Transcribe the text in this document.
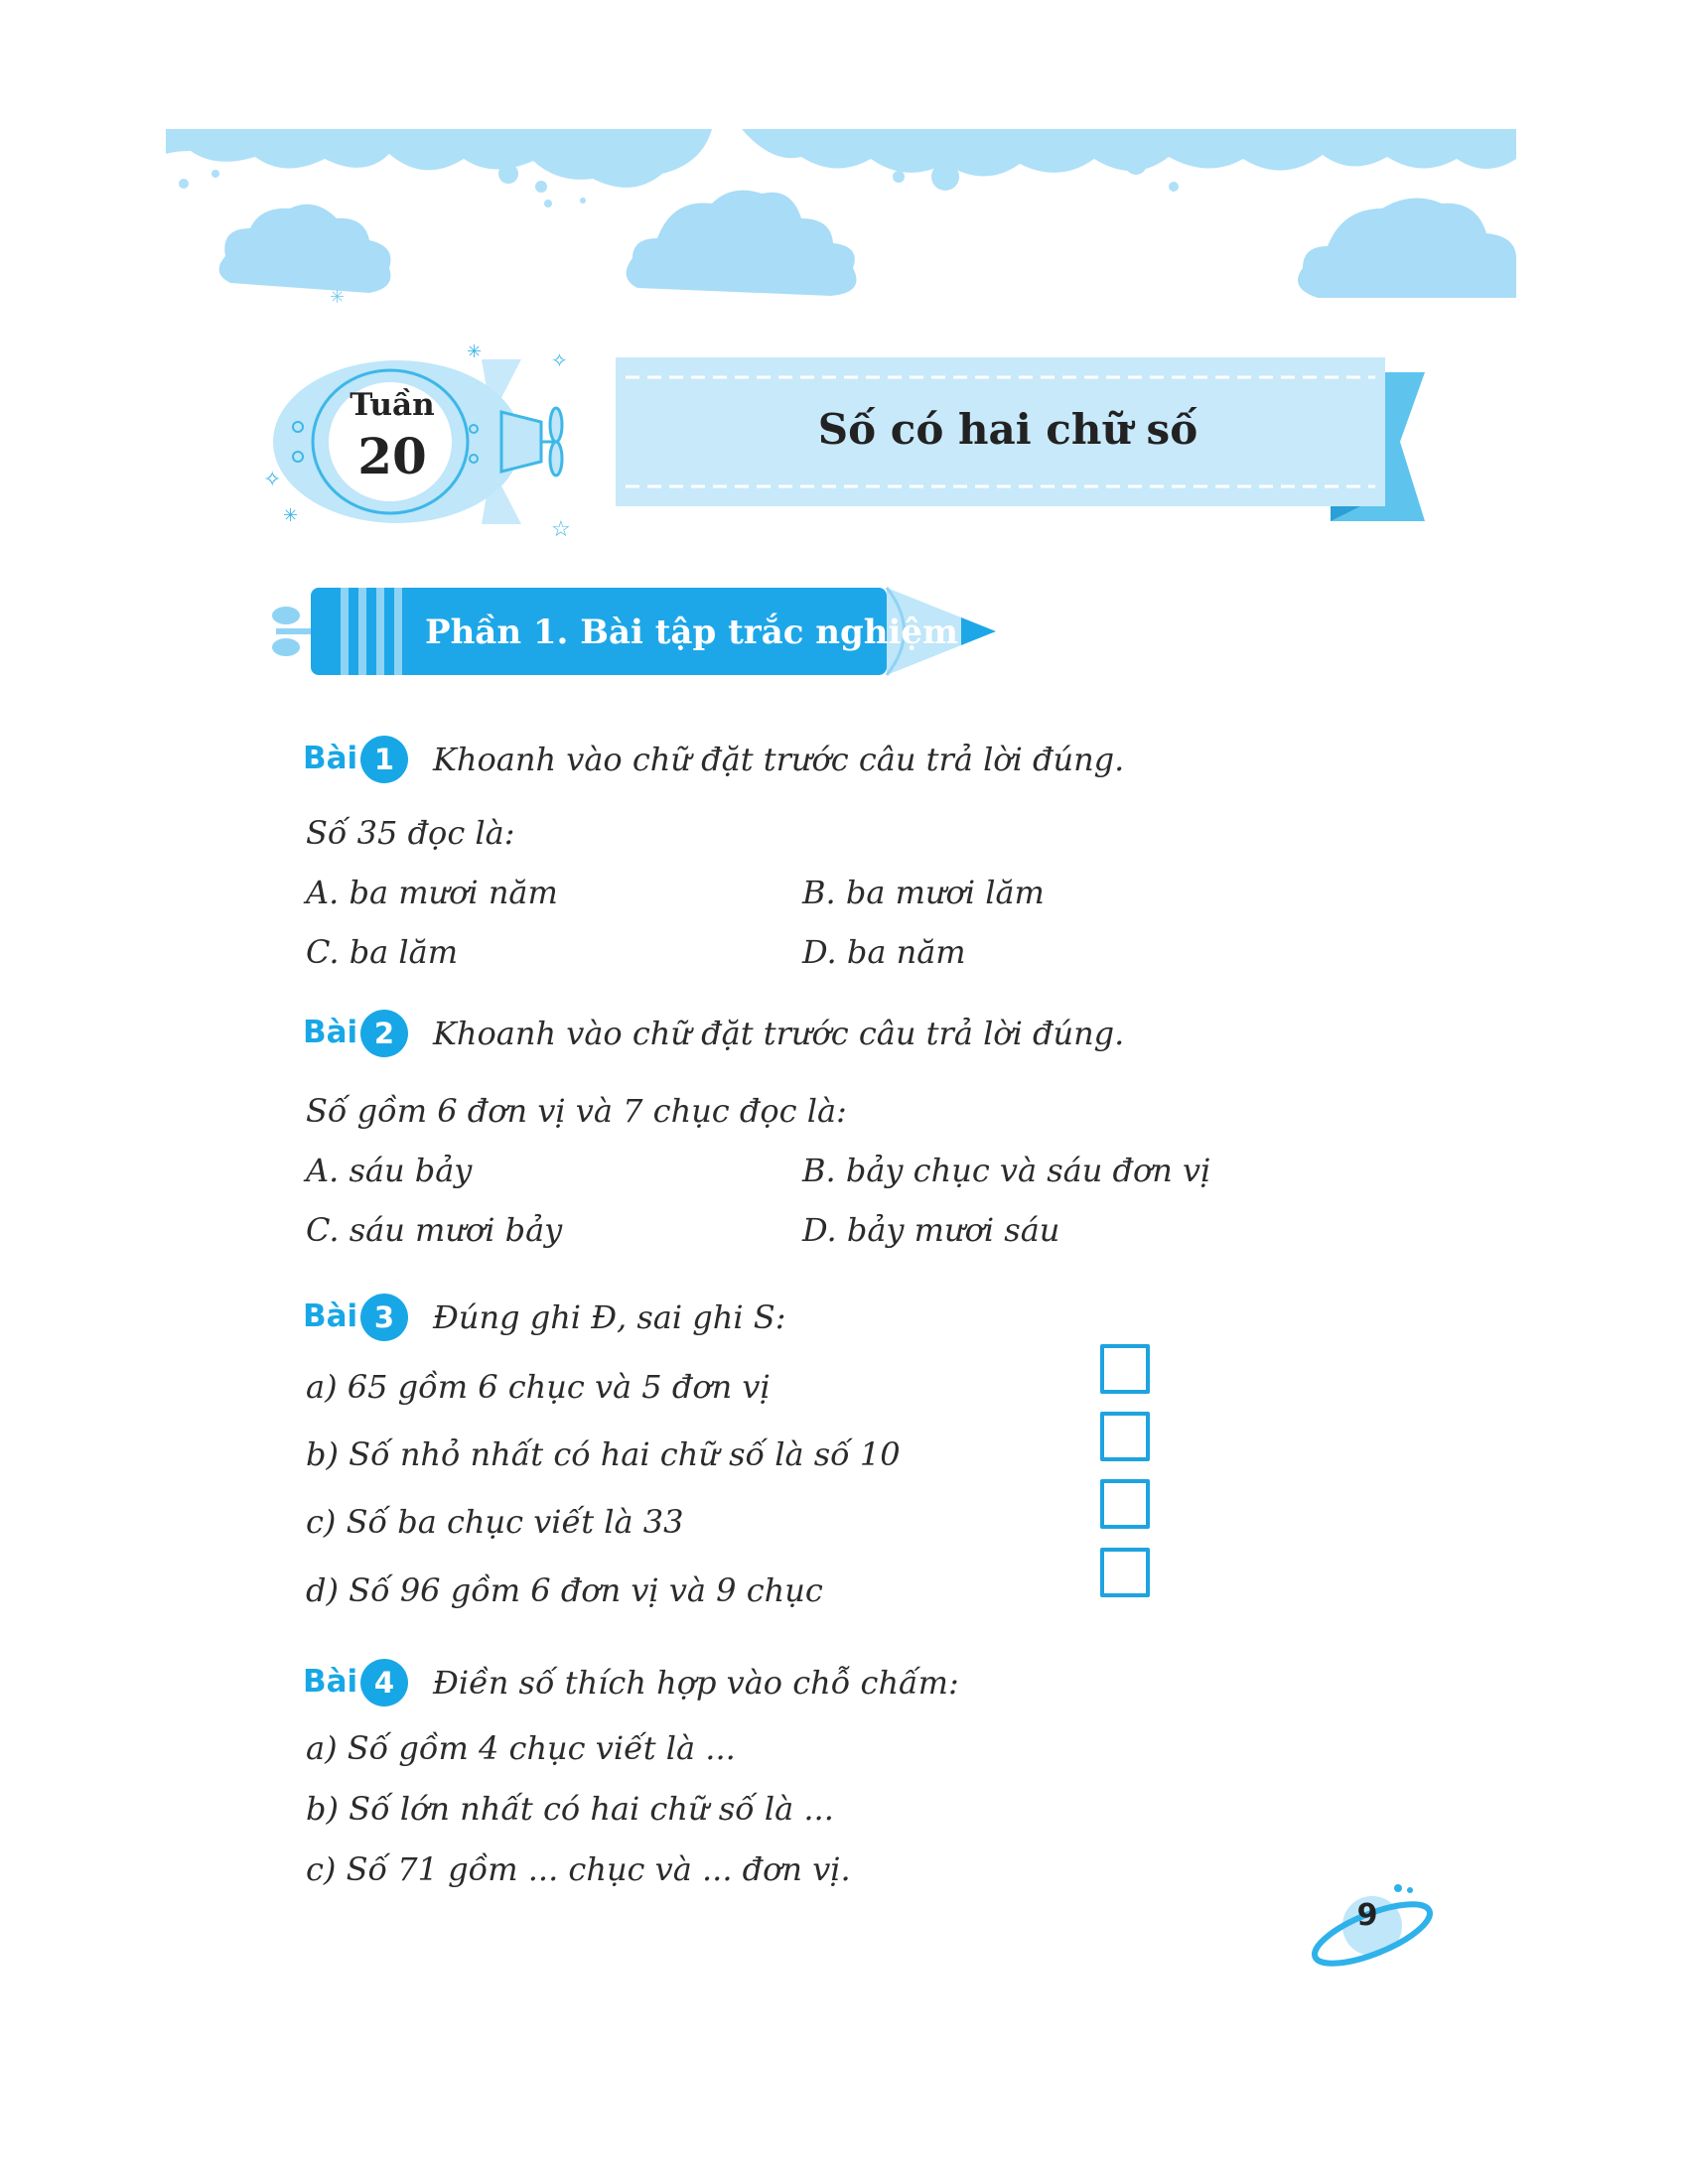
✳
✧
✳
✳	✧
☆
Tuần
20	Số có hai chữ số
Phần 1. Bài tập trắc nghiệm
Bài 1	Khoanh vào chữ đặt trước câu trả lời đúng.
Số 35 đọc là:
A. ba mươi năm	B. ba mươi lăm
C. ba lăm	D. ba năm
Bài 2	Khoanh vào chữ đặt trước câu trả lời đúng.
Số gồm 6 đơn vị và 7 chục đọc là:
A. sáu bảy	B. bảy chục và sáu đơn vị
C. sáu mươi bảy	D. bảy mươi sáu
Bài 3	Đúng ghi Đ, sai ghi S:
a) 65 gồm 6 chục và 5 đơn vị
b) Số nhỏ nhất có hai chữ số là số 10
c) Số ba chục viết là 33
d) Số 96 gồm 6 đơn vị và 9 chục
Bài 4	Điền số thích hợp vào chỗ chấm:
a) Số gồm 4 chục viết là ...
b) Số lớn nhất có hai chữ số là ...
c) Số 71 gồm ... chục và ... đơn vị.
9
